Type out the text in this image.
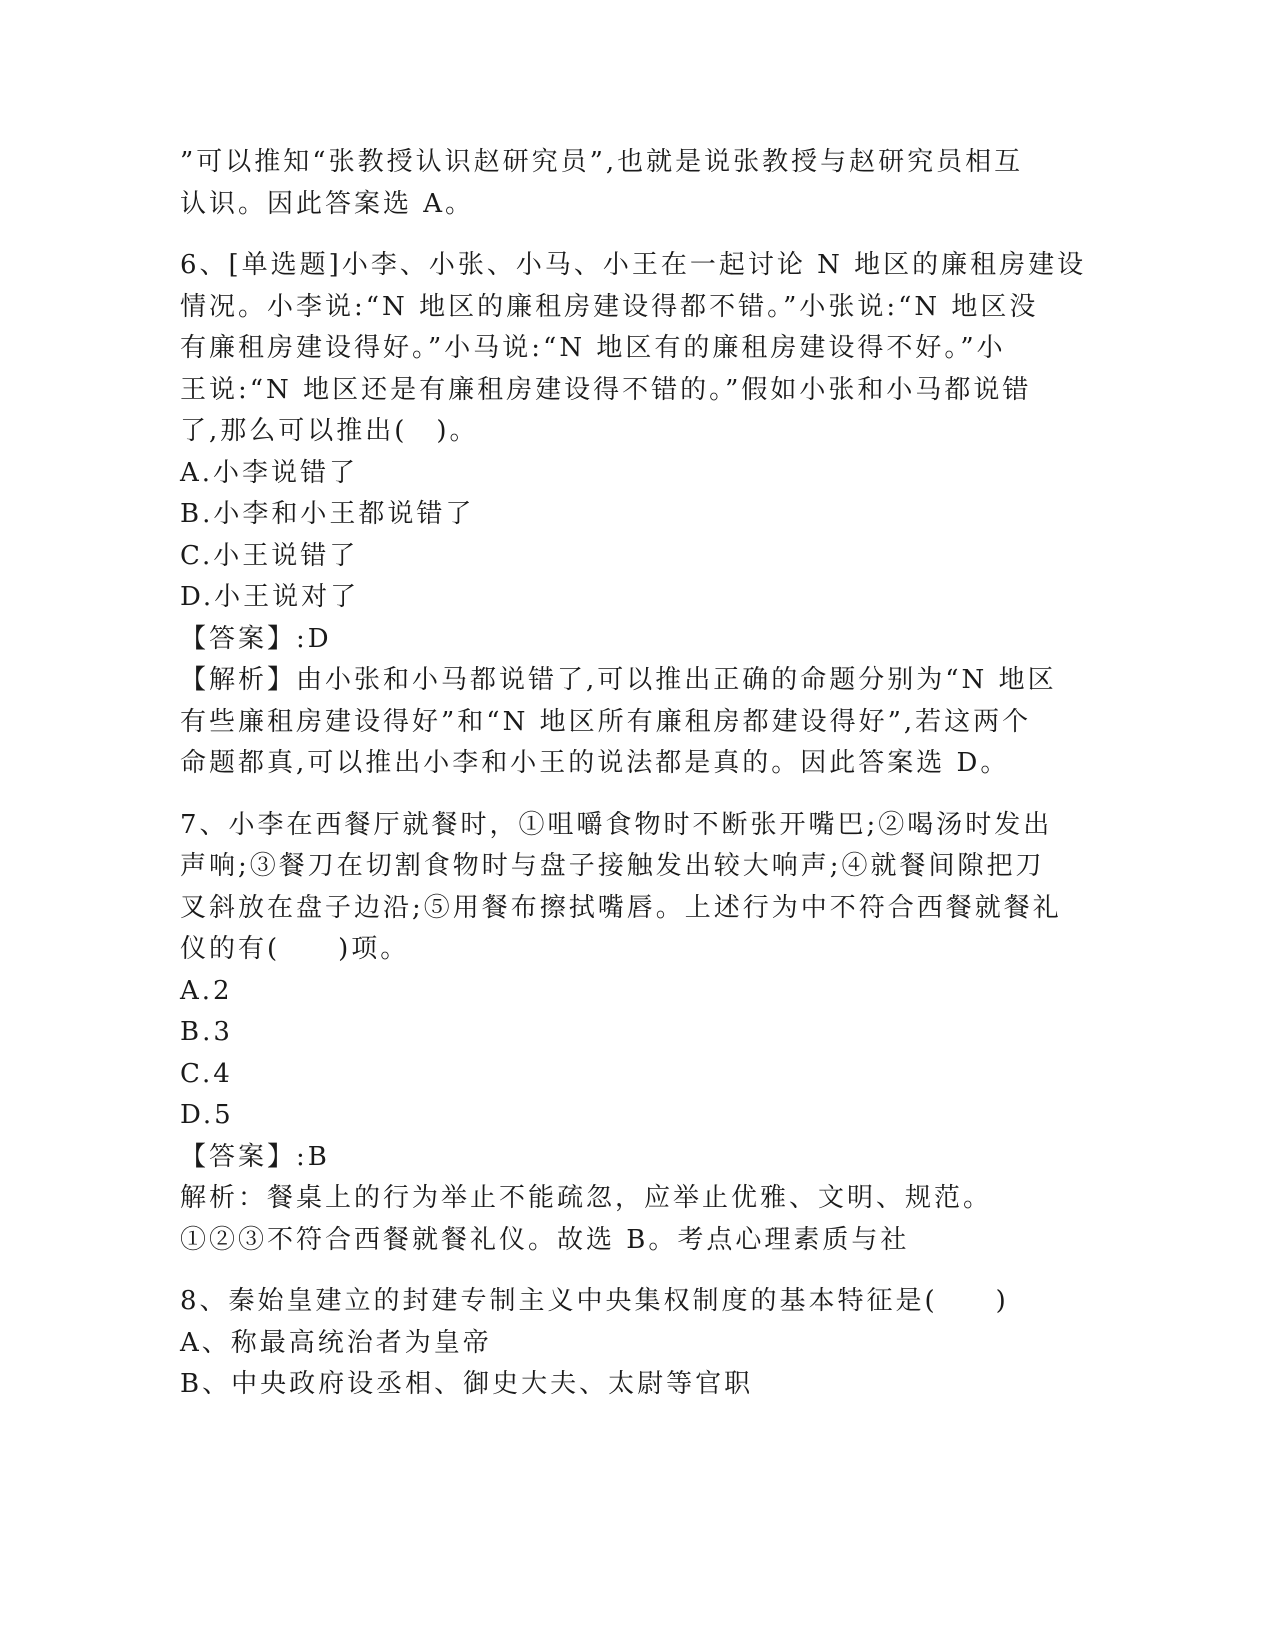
”可以推知“张教授认识赵研究员”,也就是说张教授与赵研究员相互
认识。因此答案选 A。
6、[单选题]小李、小张、小马、小王在一起讨论 N 地区的廉租房建设
情况。小李说:“N 地区的廉租房建设得都不错。”小张说:“N 地区没
有廉租房建设得好。”小马说:“N 地区有的廉租房建设得不好。”小
王说:“N 地区还是有廉租房建设得不错的。”假如小张和小马都说错
了,那么可以推出(　)。
A.小李说错了
B.小李和小王都说错了
C.小王说错了
D.小王说对了
【答案】:D
【解析】由小张和小马都说错了,可以推出正确的命题分别为“N 地区
有些廉租房建设得好”和“N 地区所有廉租房都建设得好”,若这两个
命题都真,可以推出小李和小王的说法都是真的。因此答案选 D。
7、小李在西餐厅就餐时，①咀嚼食物时不断张开嘴巴;②喝汤时发出
声响;③餐刀在切割食物时与盘子接触发出较大响声;④就餐间隙把刀
叉斜放在盘子边沿;⑤用餐布擦拭嘴唇。上述行为中不符合西餐就餐礼
仪的有(　　)项。
A.2
B.3
C.4
D.5
【答案】:B
解析：餐桌上的行为举止不能疏忽，应举止优雅、文明、规范。
①②③不符合西餐就餐礼仪。故选 B。考点心理素质与社
8、秦始皇建立的封建专制主义中央集权制度的基本特征是(　　)
A、称最高统治者为皇帝
B、中央政府设丞相、御史大夫、太尉等官职
